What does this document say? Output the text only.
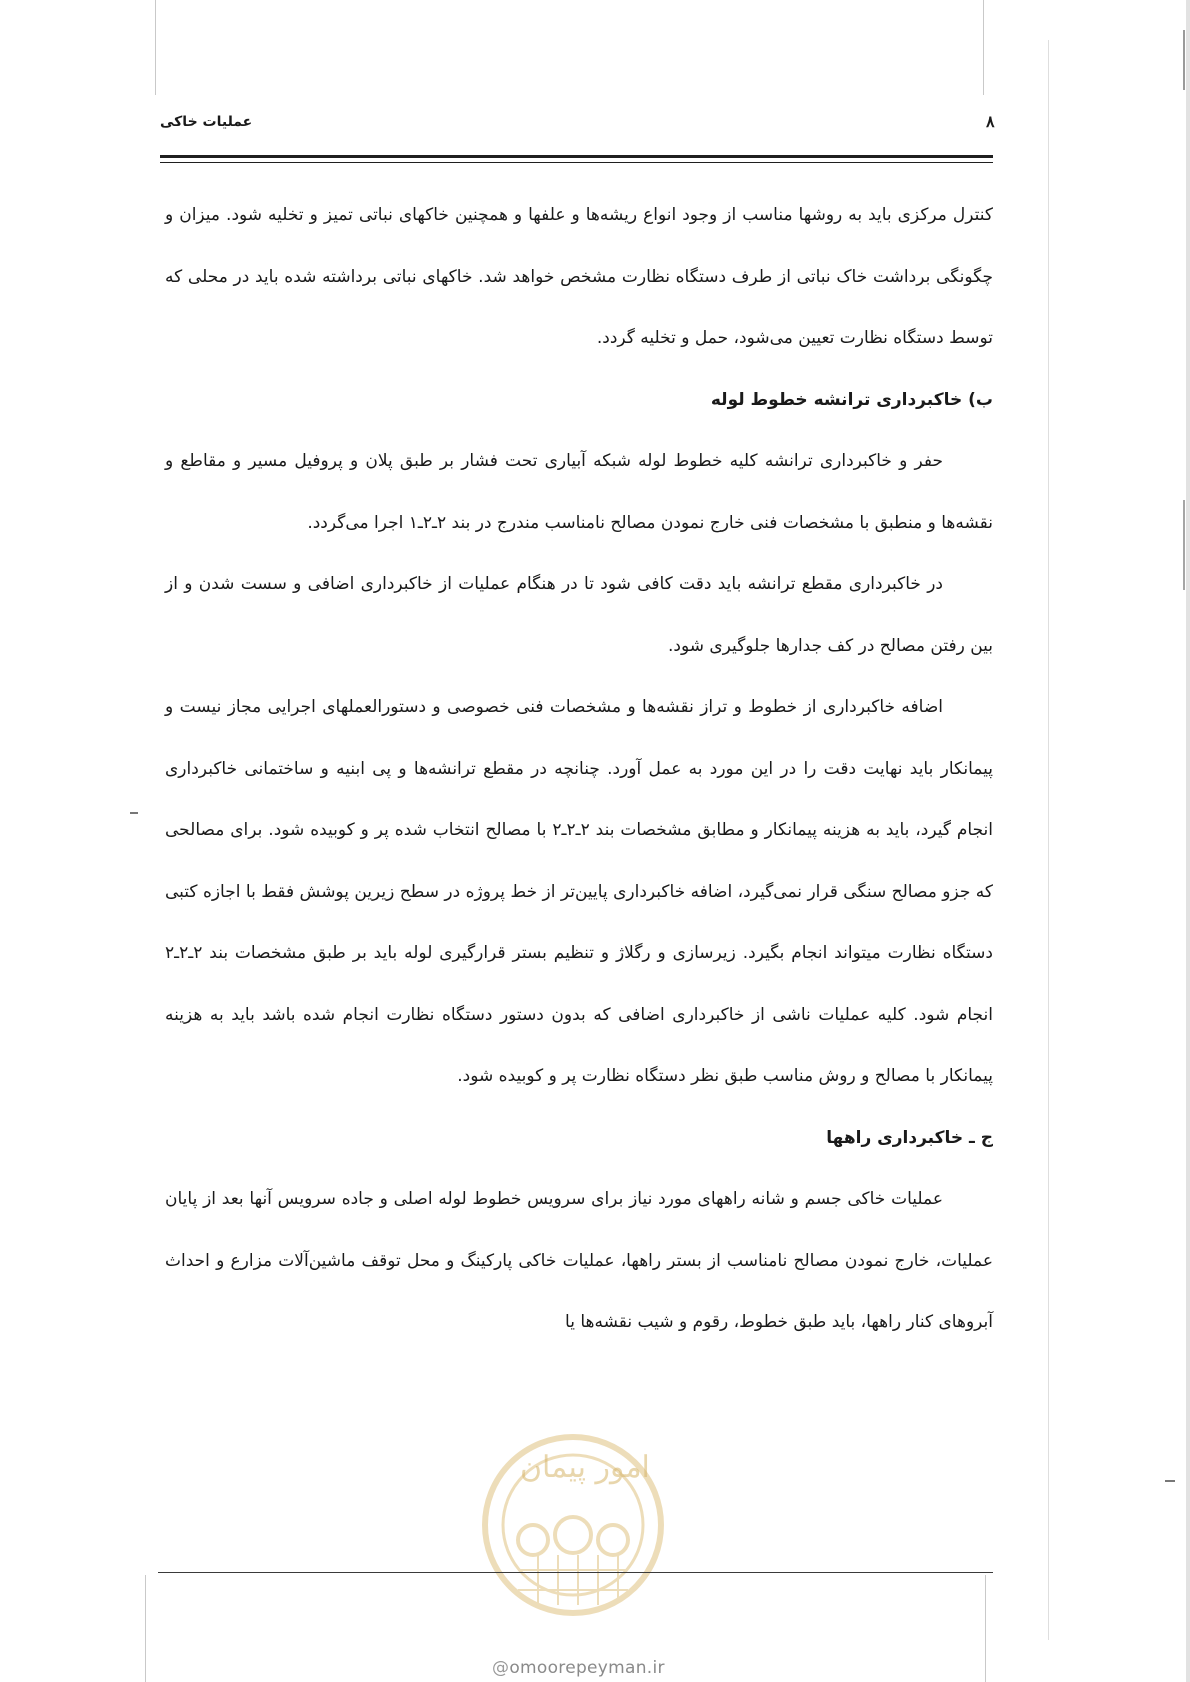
عملیات خاکی	۸

کنترل مرکزی باید به روشها مناسب از وجود انواع ریشه‌ها و علفها و همچنین خاکهای نباتی تمیز و تخلیه شود. میزان و چگونگی برداشت خاک نباتی از طرف دستگاه نظارت مشخص خواهد شد. خاکهای نباتی برداشته شده باید در محلی که توسط دستگاه نظارت تعیین می‌شود، حمل و تخلیه گردد.

ب) خاکبرداری ترانشه خطوط لوله

حفر و خاکبرداری ترانشه کلیه خطوط لوله شبکه آبیاری تحت فشار بر طبق پلان و پروفیل مسیر و مقاطع و نقشه‌ها و منطبق با مشخصات فنی خارج نمودن مصالح نامناسب مندرج در بند ۲ـ۲ـ۱ اجرا می‌گردد.

در خاکبرداری مقطع ترانشه باید دقت کافی شود تا در هنگام عملیات از خاکبرداری اضافی و سست شدن و از بین رفتن مصالح در کف جدارها جلوگیری شود.

اضافه خاکبرداری از خطوط و تراز نقشه‌ها و مشخصات فنی خصوصی و دستورالعملهای اجرایی مجاز نیست و پیمانکار باید نهایت دقت را در این مورد به عمل آورد. چنانچه در مقطع ترانشه‌ها و پی ابنیه و ساختمانی خاکبرداری انجام گیرد، باید به هزینه پیمانکار و مطابق مشخصات بند ۲ـ۲ـ۲ با مصالح انتخاب شده پر و کوبیده شود. برای مصالحی که جزو مصالح سنگی قرار نمی‌گیرد، اضافه خاکبرداری پایین‌تر از خط پروژه در سطح زیرین پوشش فقط با اجازه کتبی دستگاه نظارت میتواند انجام بگیرد. زیرسازی و رگلاژ و تنظیم بستر قرارگیری لوله باید بر طبق مشخصات بند ۲ـ۲ـ۲ انجام شود. کلیه عملیات ناشی از خاکبرداری اضافی که بدون دستور دستگاه نظارت انجام شده باشد باید به هزینه پیمانکار با مصالح و روش مناسب طبق نظر دستگاه نظارت پر و کوبیده شود.

ج ـ خاکبرداری راهها

عملیات خاکی جسم و شانه راههای مورد نیاز برای سرویس خطوط لوله اصلی و جاده سرویس آنها بعد از پایان عملیات، خارج نمودن مصالح نامناسب از بستر راهها، عملیات خاکی پارکینگ و محل توقف ماشین‌آلات مزارع و احداث آبروهای کنار راهها، باید طبق خطوط، رقوم و شیب نقشه‌ها یا

امور پیمان
@omoorepeyman.ir
